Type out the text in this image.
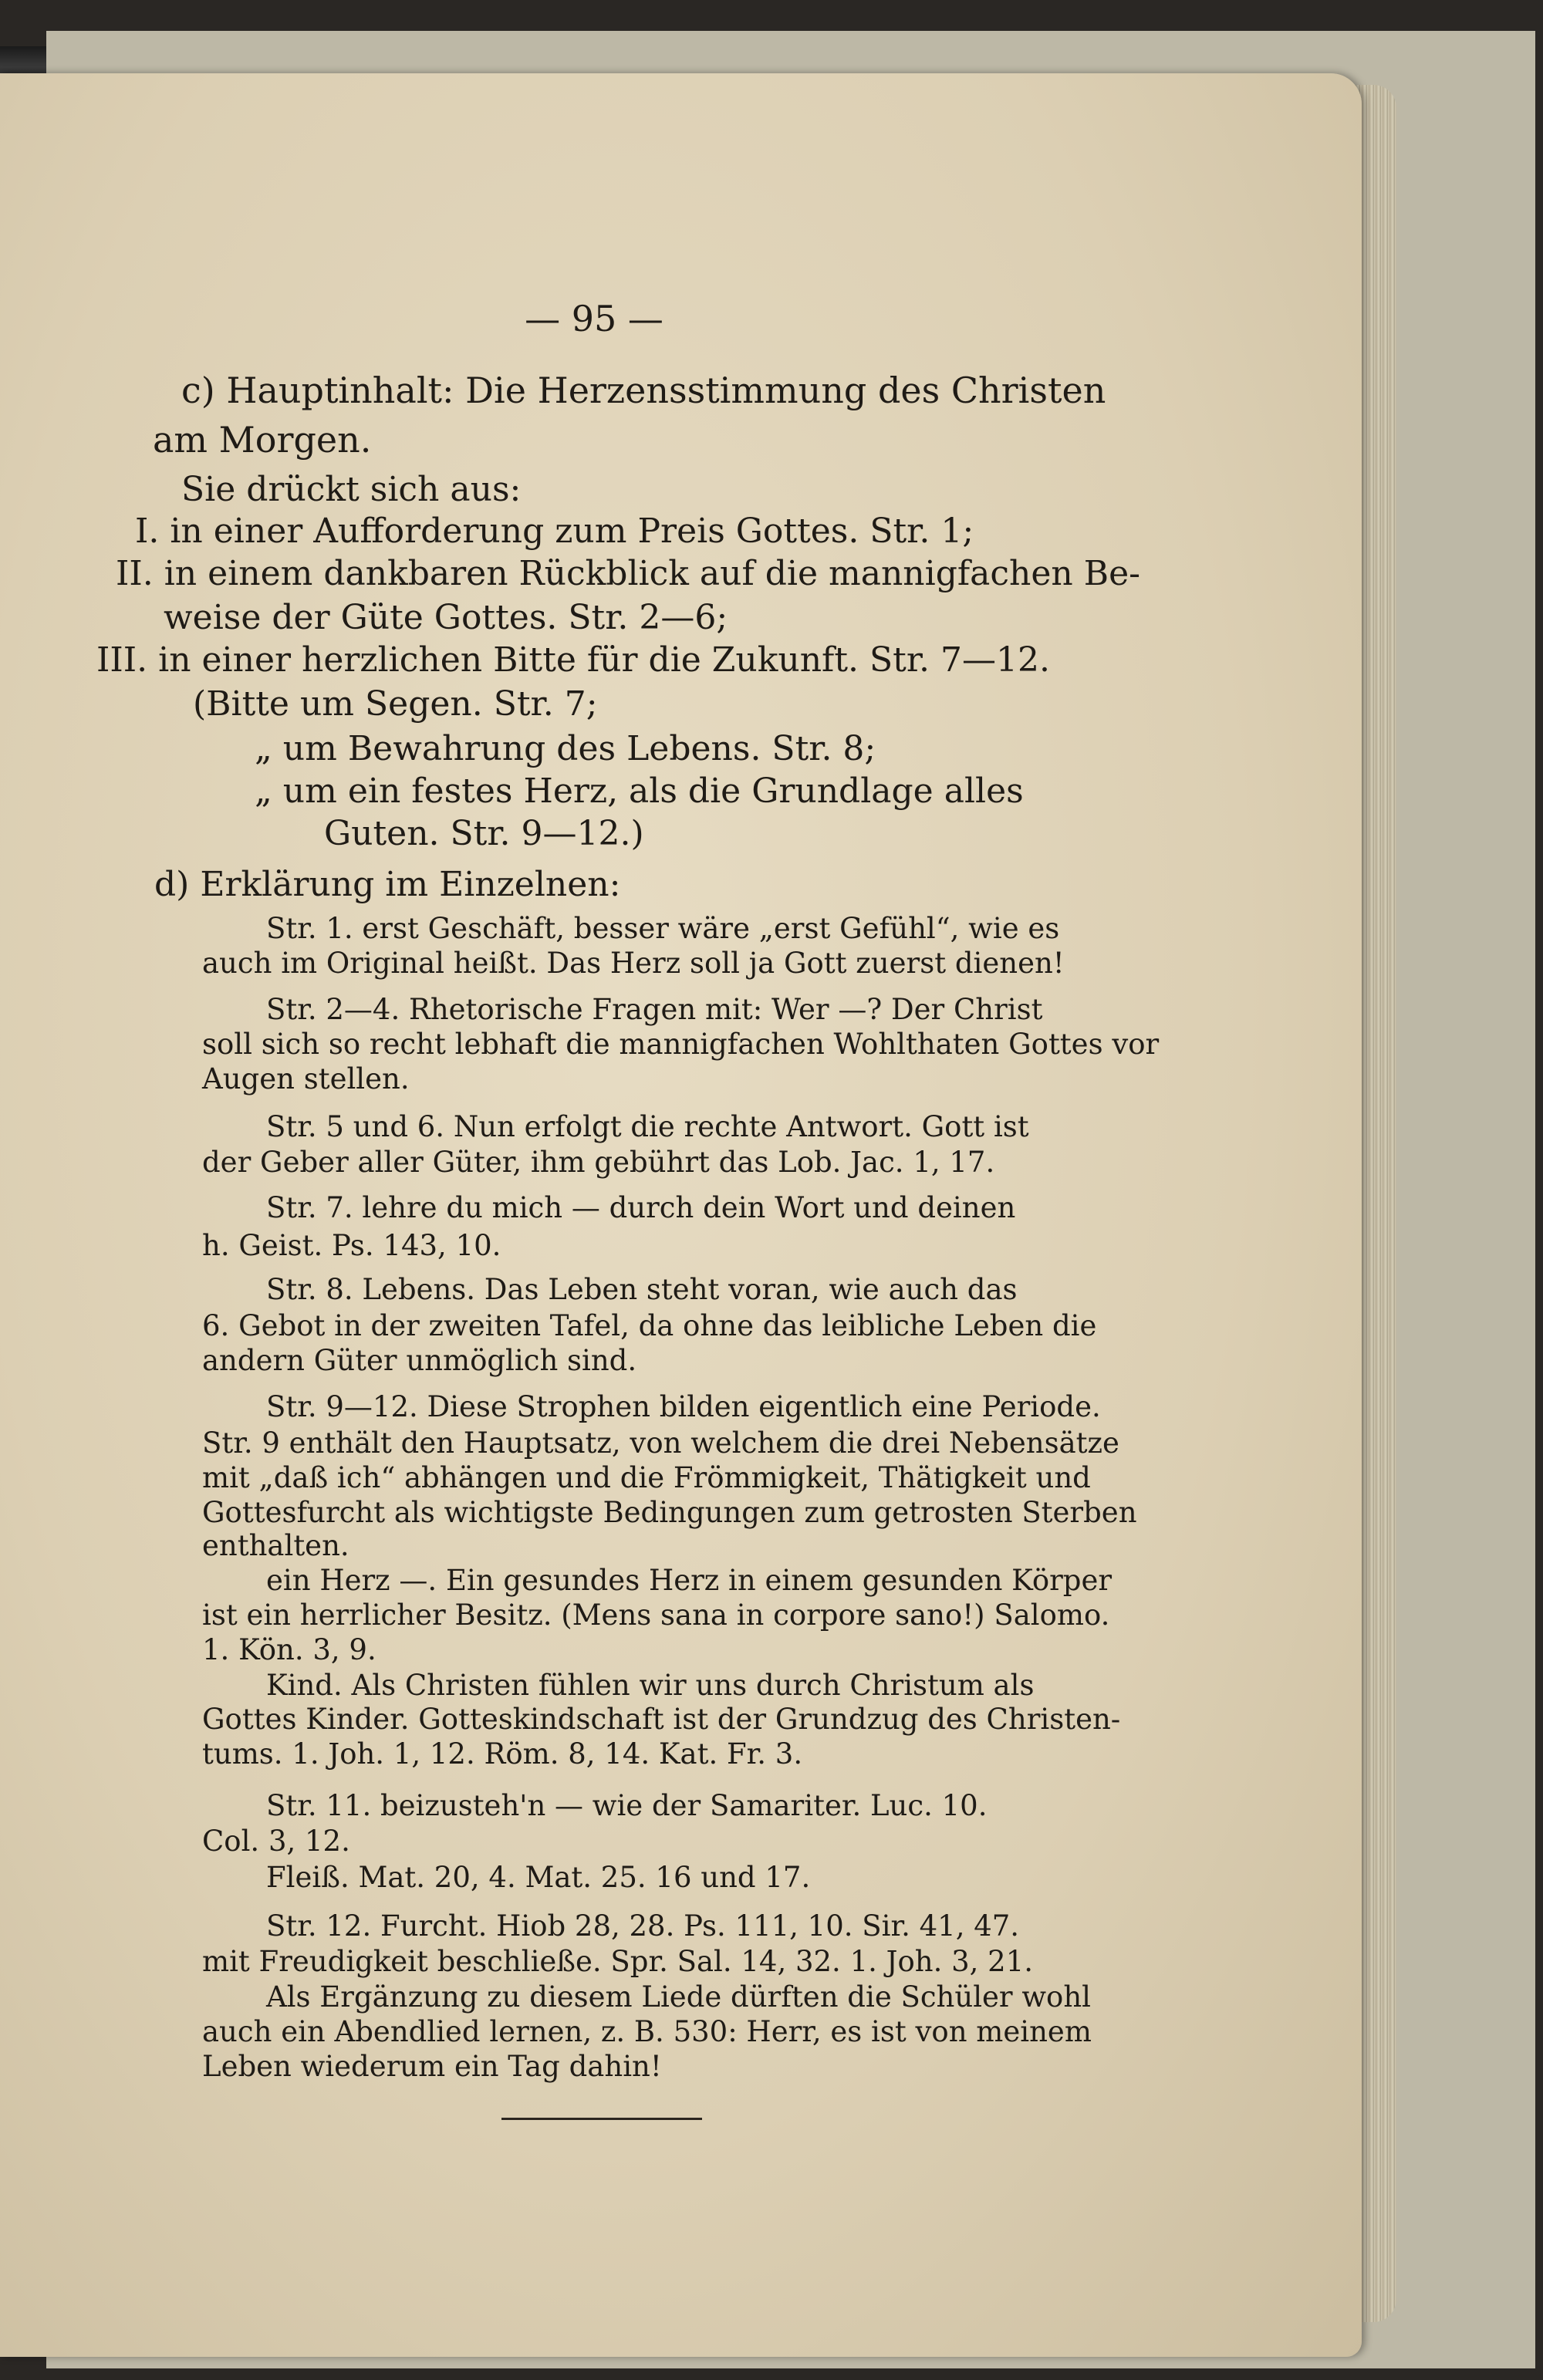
— 95 —
c) Hauptinhalt: Die Herzensstimmung des Christen
am Morgen.
Sie drückt sich aus:
I. in einer Aufforderung zum Preis Gottes. Str. 1;
II. in einem dankbaren Rückblick auf die mannigfachen Be-
weise der Güte Gottes. Str. 2—6;
III. in einer herzlichen Bitte für die Zukunft. Str. 7—12.
(Bitte um Segen. Str. 7;
„ um Bewahrung des Lebens. Str. 8;
„ um ein festes Herz, als die Grundlage alles
Guten. Str. 9—12.)
d) Erklärung im Einzelnen:
Str. 1. erst Geschäft, besser wäre „erst Gefühl“, wie es
auch im Original heißt. Das Herz soll ja Gott zuerst dienen!
Str. 2—4. Rhetorische Fragen mit: Wer —? Der Christ
soll sich so recht lebhaft die mannigfachen Wohlthaten Gottes vor
Augen stellen.
Str. 5 und 6. Nun erfolgt die rechte Antwort. Gott ist
der Geber aller Güter, ihm gebührt das Lob. Jac. 1, 17.
Str. 7. lehre du mich — durch dein Wort und deinen
h. Geist. Ps. 143, 10.
Str. 8. Lebens. Das Leben steht voran, wie auch das
6. Gebot in der zweiten Tafel, da ohne das leibliche Leben die
andern Güter unmöglich sind.
Str. 9—12. Diese Strophen bilden eigentlich eine Periode.
Str. 9 enthält den Hauptsatz, von welchem die drei Nebensätze
mit „daß ich“ abhängen und die Frömmigkeit, Thätigkeit und
Gottesfurcht als wichtigste Bedingungen zum getrosten Sterben
enthalten.
ein Herz —. Ein gesundes Herz in einem gesunden Körper
ist ein herrlicher Besitz. (Mens sana in corpore sano!) Salomo.
1. Kön. 3, 9.
Kind. Als Christen fühlen wir uns durch Christum als
Gottes Kinder. Gotteskindschaft ist der Grundzug des Christen-
tums. 1. Joh. 1, 12. Röm. 8, 14. Kat. Fr. 3.
Str. 11. beizusteh'n — wie der Samariter. Luc. 10.
Col. 3, 12.
Fleiß. Mat. 20, 4. Mat. 25. 16 und 17.
Str. 12. Furcht. Hiob 28, 28. Ps. 111, 10. Sir. 41, 47.
mit Freudigkeit beschließe. Spr. Sal. 14, 32. 1. Joh. 3, 21.
Als Ergänzung zu diesem Liede dürften die Schüler wohl
auch ein Abendlied lernen, z. B. 530: Herr, es ist von meinem
Leben wiederum ein Tag dahin!
